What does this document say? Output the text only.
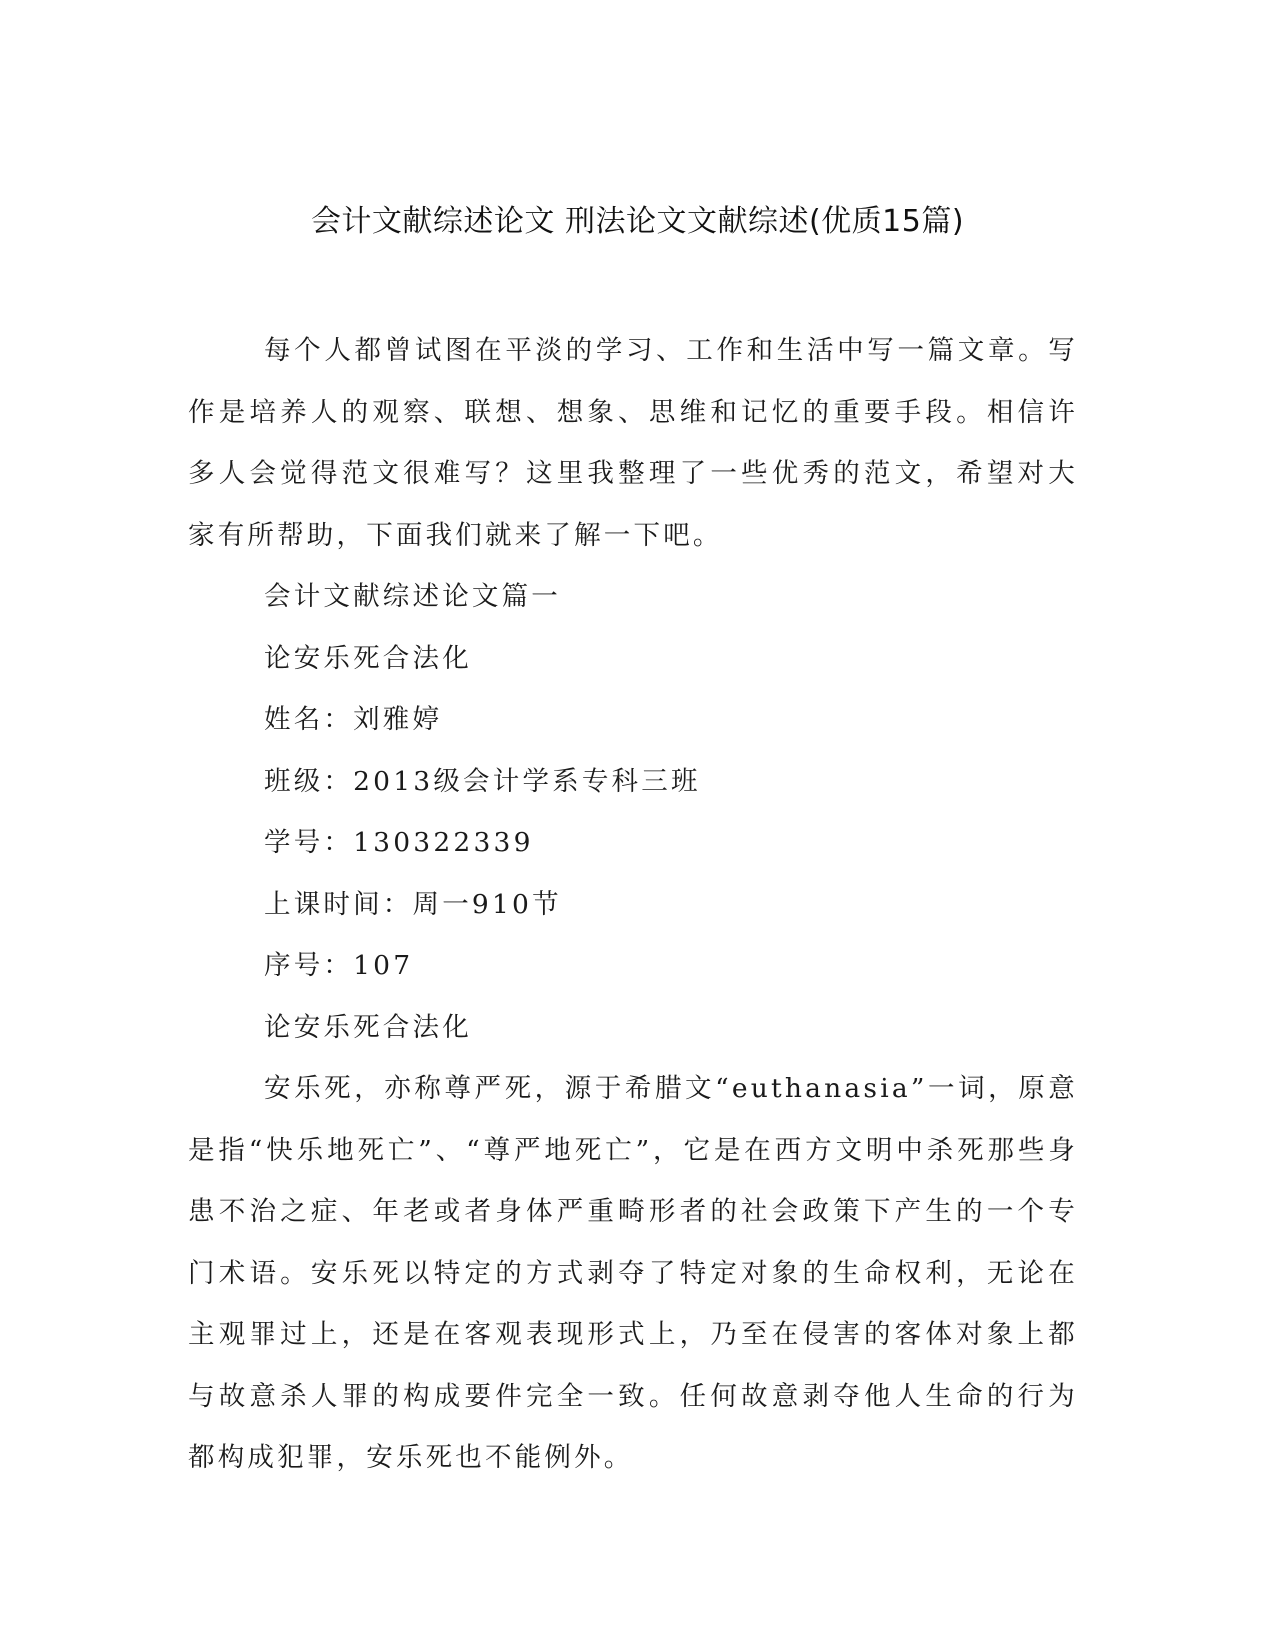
会计文献综述论文 刑法论文文献综述(优质15篇)

每个人都曾试图在平淡的学习、工作和生活中写一篇文章。写作是培养人的观察、联想、想象、思维和记忆的重要手段。相信许多人会觉得范文很难写？这里我整理了一些优秀的范文，希望对大家有所帮助，下面我们就来了解一下吧。

会计文献综述论文篇一

论安乐死合法化

姓名：刘雅婷

班级：2013级会计学系专科三班

学号：130322339

上课时间：周一910节

序号：107

论安乐死合法化

安乐死，亦称尊严死，源于希腊文“euthanasia”一词，原意是指“快乐地死亡”、“尊严地死亡”，它是在西方文明中杀死那些身患不治之症、年老或者身体严重畸形者的社会政策下产生的一个专门术语。安乐死以特定的方式剥夺了特定对象的生命权利，无论在主观罪过上，还是在客观表现形式上，乃至在侵害的客体对象上都与故意杀人罪的构成要件完全一致。任何故意剥夺他人生命的行为都构成犯罪，安乐死也不能例外。
